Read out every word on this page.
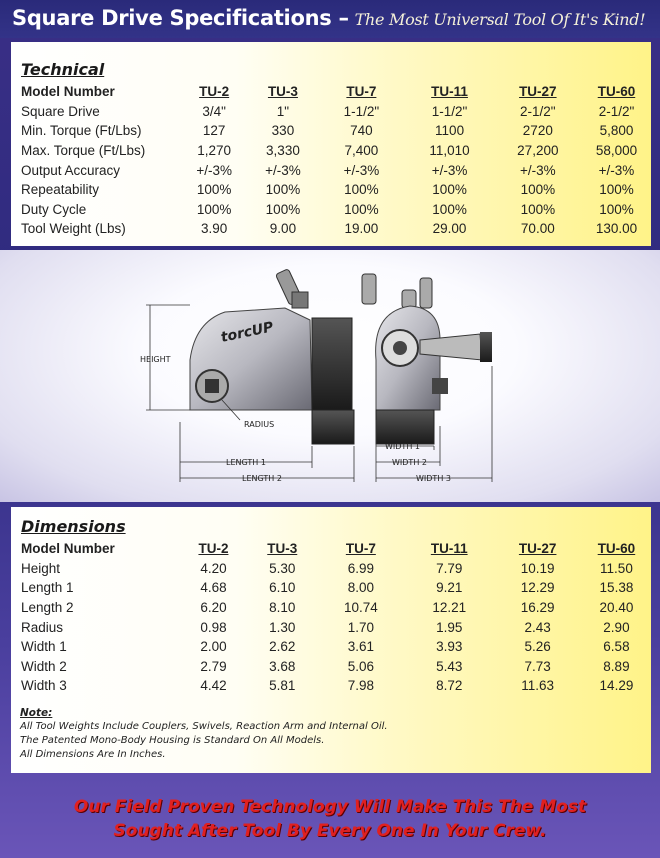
Square Drive Specifications – The Most Universal Tool Of It's Kind!
Technical
Model Number	TU-2	TU-3	TU-7	TU-11	TU-27	TU-60
Square Drive	3/4"	1"	1-1/2"	1-1/2"	2-1/2"	2-1/2"
Min. Torque (Ft/Lbs)	127	330	740	1100	2720	5,800
Max. Torque (Ft/Lbs)	1,270	3,330	7,400	11,010	27,200	58,000
Output Accuracy	+/-3%	+/-3%	+/-3%	+/-3%	+/-3%	+/-3%
Repeatability	100%	100%	100%	100%	100%	100%
Duty Cycle	100%	100%	100%	100%	100%	100%
Tool Weight (Lbs)	3.90	9.00	19.00	29.00	70.00	130.00
torcUP
HEIGHT
RADIUS
LENGTH 1
LENGTH 2
WIDTH 1
WIDTH 2
WIDTH 3
Dimensions
Model Number	TU-2	TU-3	TU-7	TU-11	TU-27	TU-60
Height	4.20	5.30	6.99	7.79	10.19	11.50
Length 1	4.68	6.10	8.00	9.21	12.29	15.38
Length 2	6.20	8.10	10.74	12.21	16.29	20.40
Radius	0.98	1.30	1.70	1.95	2.43	2.90
Width 1	2.00	2.62	3.61	3.93	5.26	6.58
Width 2	2.79	3.68	5.06	5.43	7.73	8.89
Width 3	4.42	5.81	7.98	8.72	11.63	14.29
Note:
All Tool Weights Include Couplers, Swivels, Reaction Arm and Internal Oil.
The Patented Mono-Body Housing is Standard On All Models.
All Dimensions Are In Inches.
Our Field Proven Technology Will Make This The Most
Sought After Tool By Every One In Your Crew.
